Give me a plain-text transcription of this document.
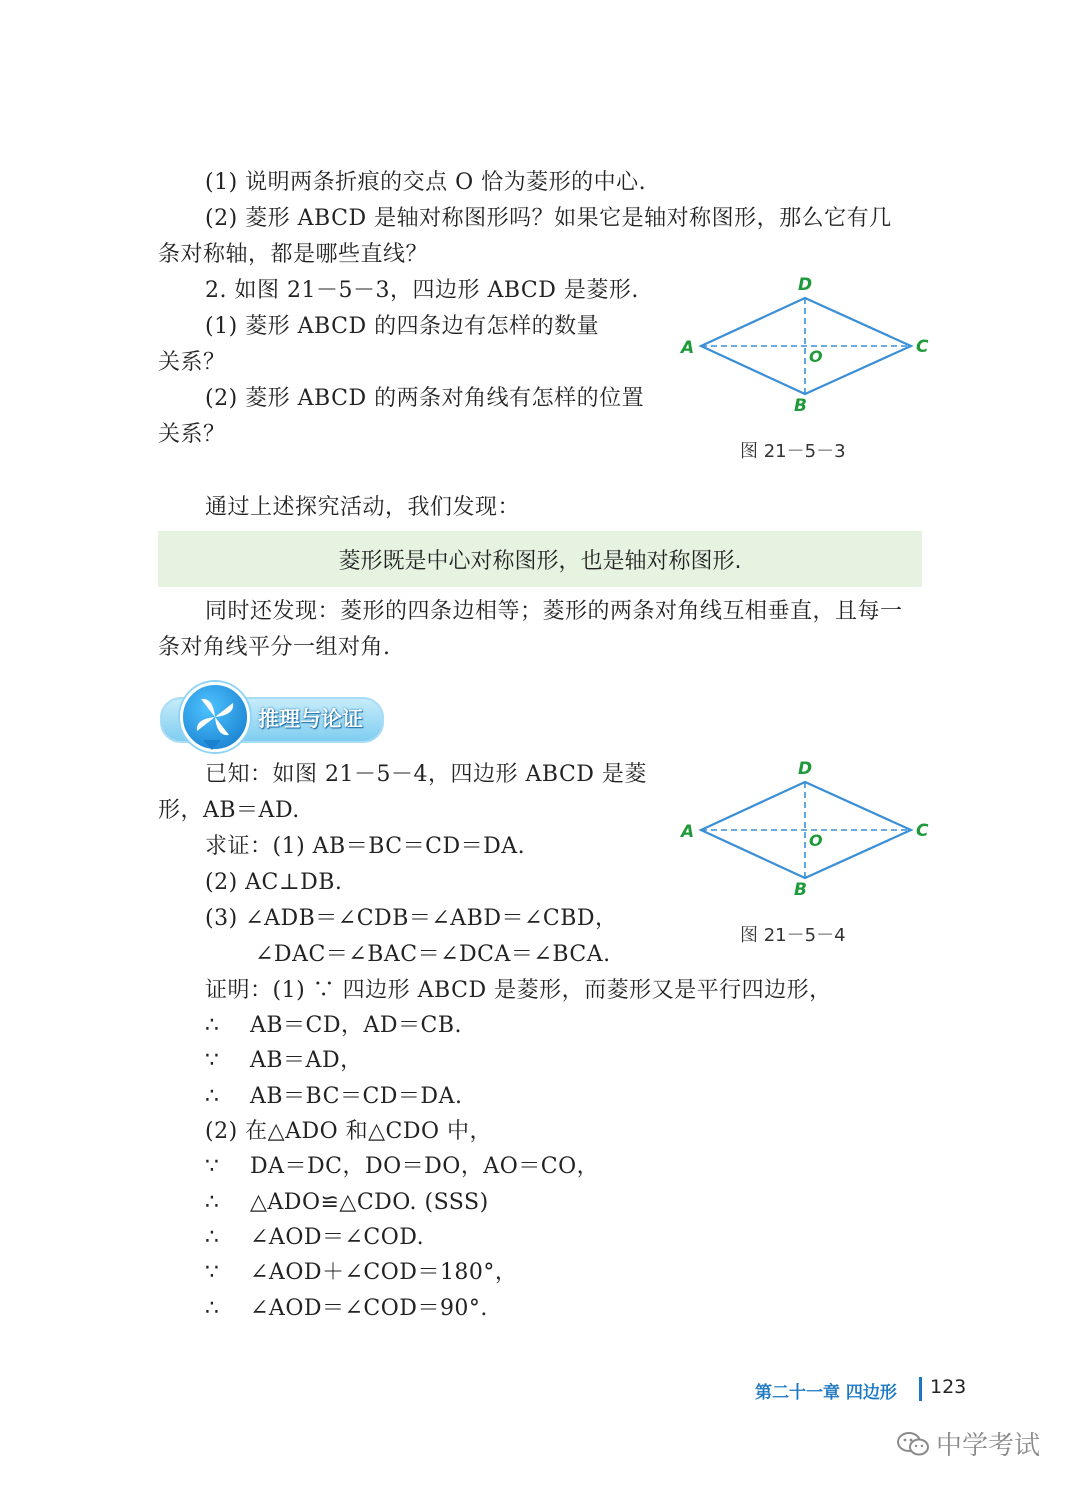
(1) 说明两条折痕的交点 O 恰为菱形的中心.
(2) 菱形 ABCD 是轴对称图形吗？如果它是轴对称图形，那么它有几
条对称轴，都是哪些直线？
2. 如图 21－5－3，四边形 ABCD 是菱形.
(1) 菱形 ABCD 的四条边有怎样的数量
关系？
(2) 菱形 ABCD 的两条对角线有怎样的位置
关系？
A
D
C
B
O
图 21－5－3
通过上述探究活动，我们发现：
菱形既是中心对称图形，也是轴对称图形.
同时还发现：菱形的四条边相等；菱形的两条对角线互相垂直，且每一
条对角线平分一组对角.
推理与论证
已知：如图 21－5－4，四边形 ABCD 是菱
形，AB＝AD.
求证：(1) AB＝BC＝CD＝DA.
(2) AC⊥DB.
(3) ∠ADB＝∠CDB＝∠ABD＝∠CBD，
∠DAC＝∠BAC＝∠DCA＝∠BCA.
A
D
C
B
O
图 21－5－4
证明：(1) ∵ 四边形 ABCD 是菱形，而菱形又是平行四边形，
∴ AB＝CD，AD＝CB.
∵ AB＝AD，
∴ AB＝BC＝CD＝DA.
(2) 在△ADO 和△CDO 中，
∵ DA＝DC，DO＝DO，AO＝CO，
∴ △ADO≌△CDO. (SSS)
∴ ∠AOD＝∠COD.
∵ ∠AOD＋∠COD＝180°，
∴ ∠AOD＝∠COD＝90°.
第二十一章 四边形 123
中学考试
